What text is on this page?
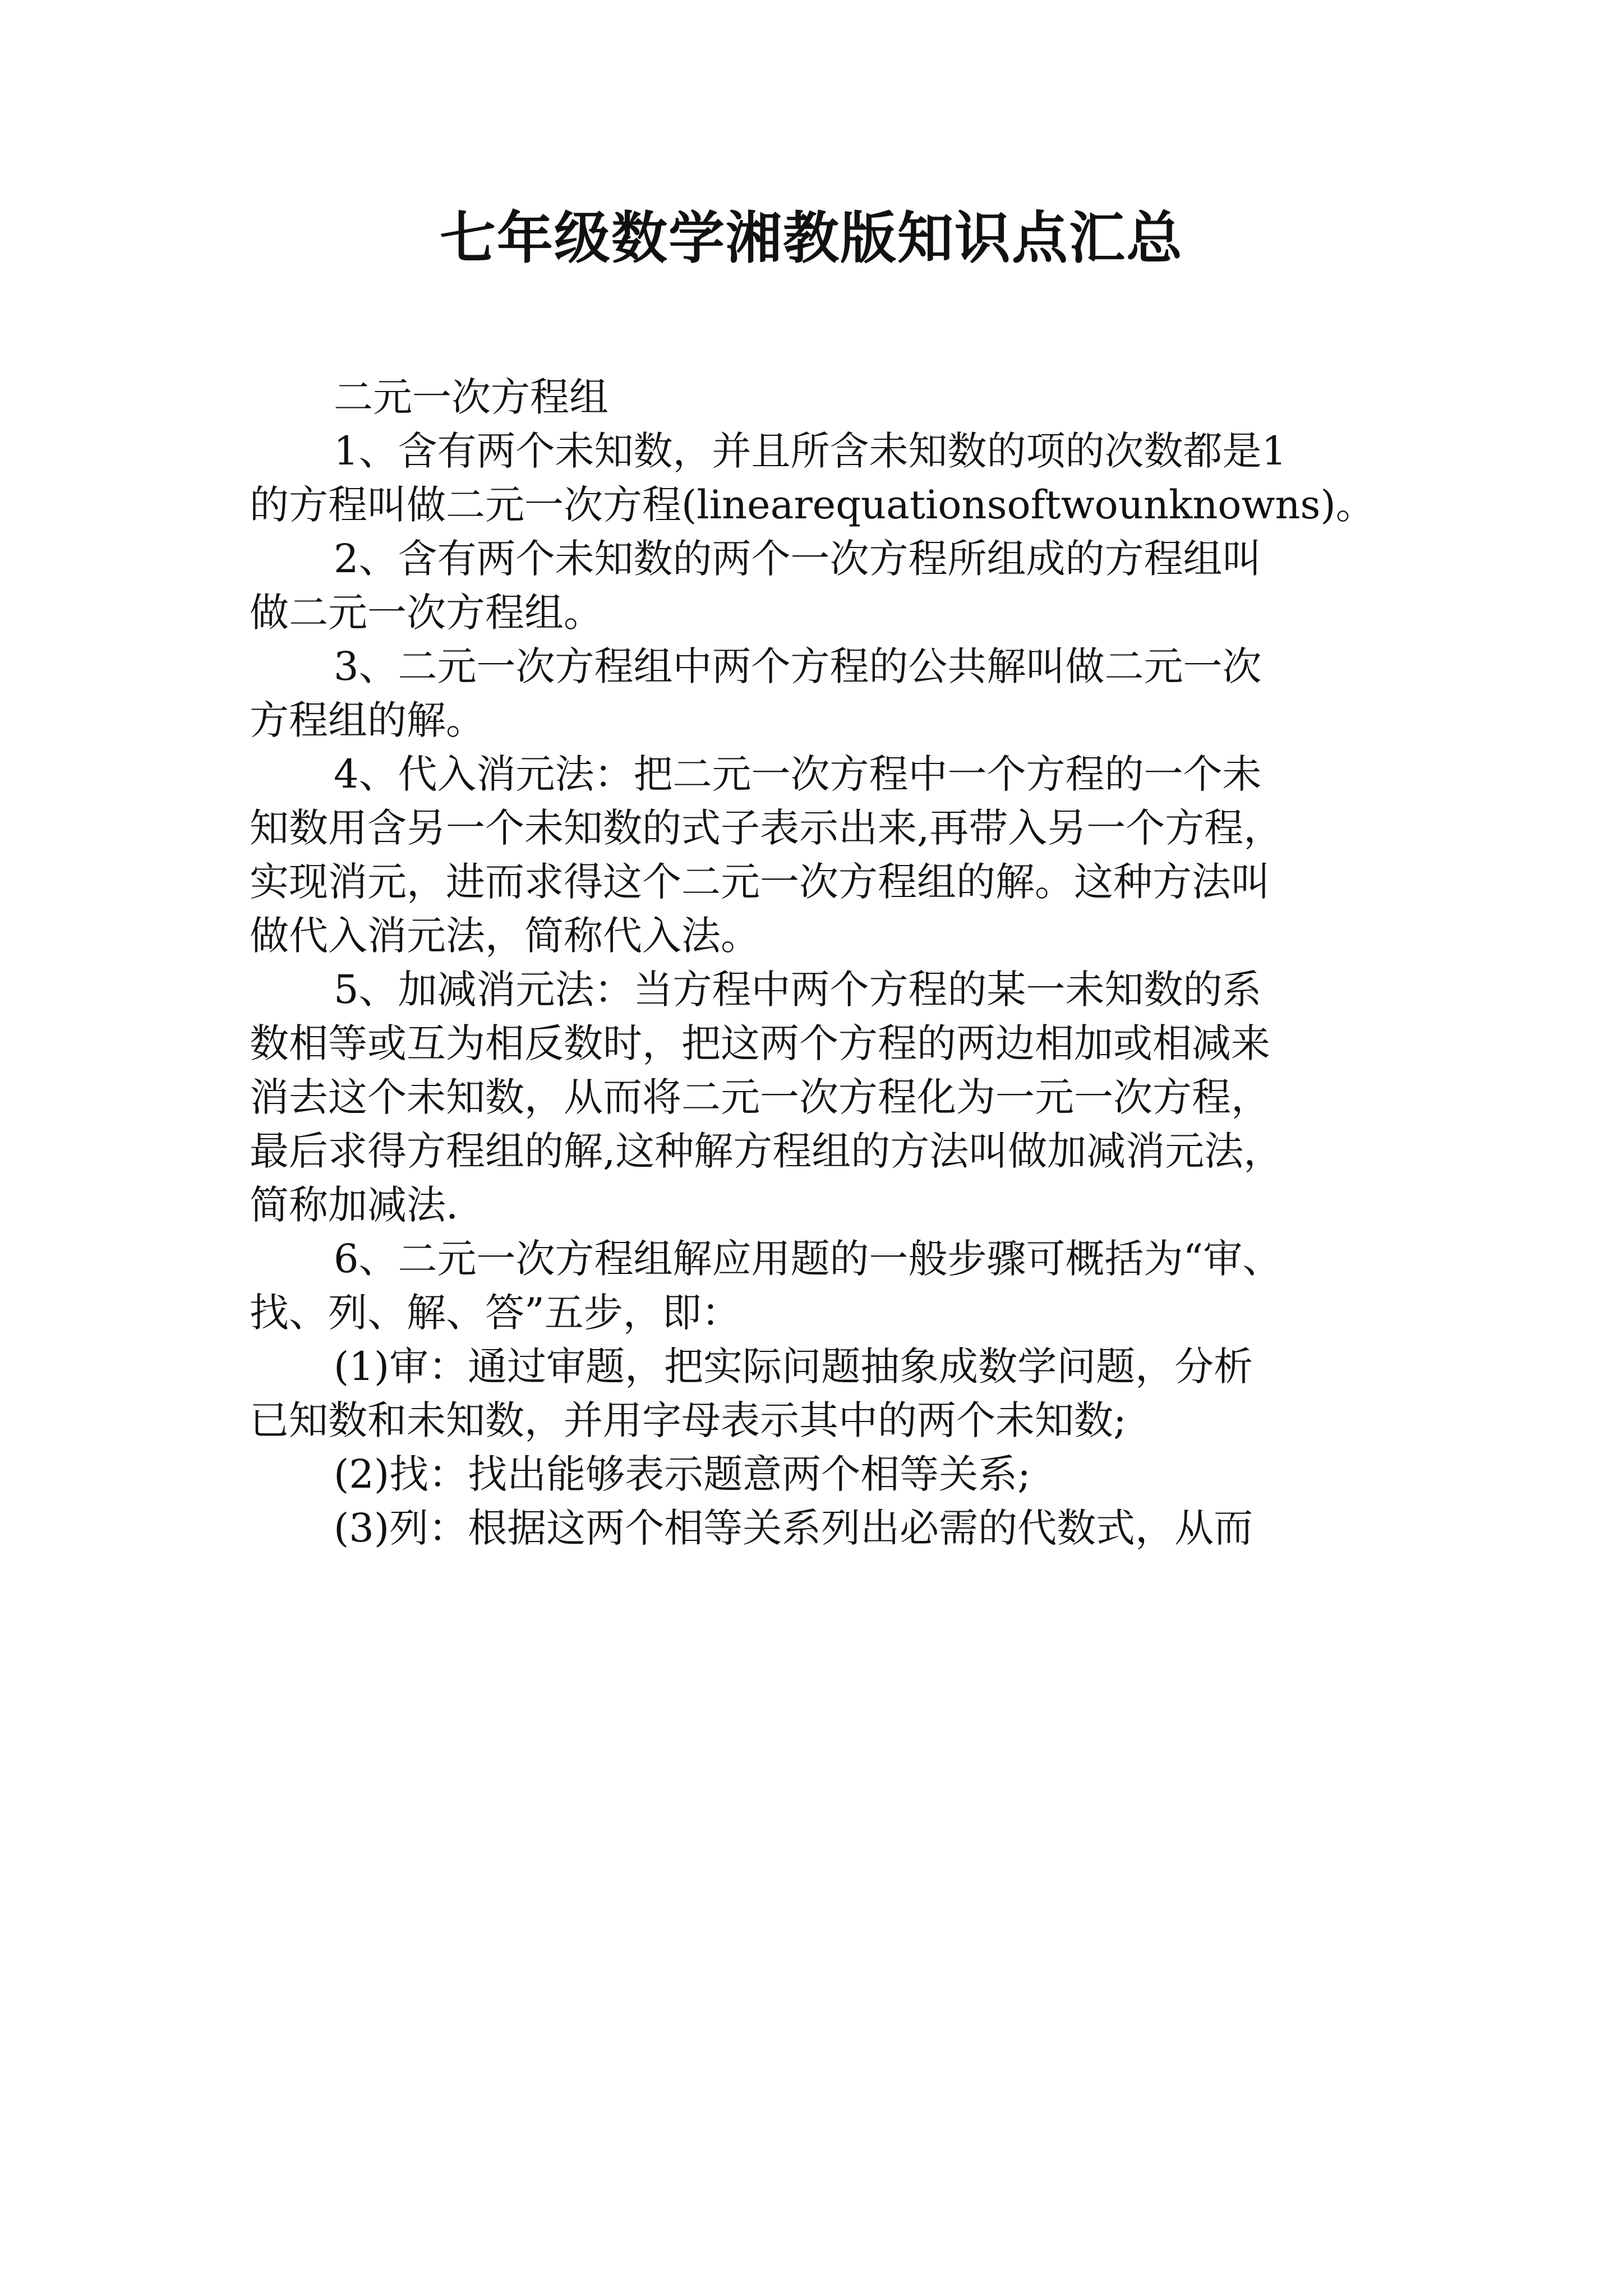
七年级数学湘教版知识点汇总
二元一次方程组
1、含有两个未知数，并且所含未知数的项的次数都是1
的方程叫做二元一次方程(linearequationsoftwounknowns)。
2、含有两个未知数的两个一次方程所组成的方程组叫
做二元一次方程组。
3、二元一次方程组中两个方程的公共解叫做二元一次
方程组的解。
4、代入消元法：把二元一次方程中一个方程的一个未
知数用含另一个未知数的式子表示出来,再带入另一个方程，
实现消元，进而求得这个二元一次方程组的解。这种方法叫
做代入消元法，简称代入法。
5、加减消元法：当方程中两个方程的某一未知数的系
数相等或互为相反数时，把这两个方程的两边相加或相减来
消去这个未知数，从而将二元一次方程化为一元一次方程，
最后求得方程组的解,这种解方程组的方法叫做加减消元法，
简称加减法.
6、二元一次方程组解应用题的一般步骤可概括为“审、
找、列、解、答”五步，即：
(1)审：通过审题，把实际问题抽象成数学问题，分析
已知数和未知数，并用字母表示其中的两个未知数;
(2)找：找出能够表示题意两个相等关系;
(3)列：根据这两个相等关系列出必需的代数式，从而
